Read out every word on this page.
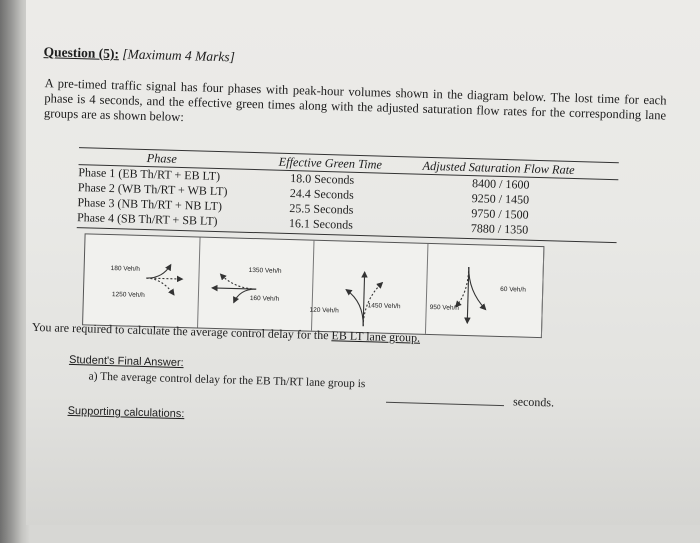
Question (5): [Maximum 4 Marks]
A pre-timed traffic signal has four phases with peak-hour volumes shown in the diagram below. The lost time for each phase is 4 seconds, and the effective green times along with the adjusted saturation flow rates for the corresponding lane groups are as shown below:
Phase	Effective Green Time	Adjusted Saturation Flow Rate
Phase 1 (EB Th/RT + EB LT)	18.0 Seconds	8400 / 1600
Phase 2 (WB Th/RT + WB LT)	24.4 Seconds	9250 / 1450
Phase 3 (NB Th/RT + NB LT)	25.5 Seconds	9750 / 1500
Phase 4 (SB Th/RT + SB LT)	16.1 Seconds	7880 / 1350
180 Veh/h
1250 Veh/h
1350 Veh/h
160 Veh/h
120 Veh/h
1450 Veh/h	950 Veh/h
60 Veh/h
You are required to calculate the average control delay for the EB LT lane group.
Student's Final Answer:
a) The average control delay for the EB Th/RT lane group is
seconds.
Supporting calculations:
